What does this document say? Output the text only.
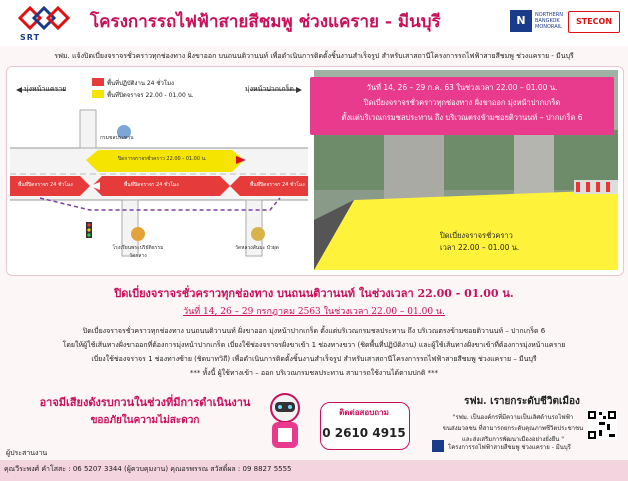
SRT
โครงการรถไฟฟ้าสายสีชมพู ช่วงแคราย - มีนบุรี	N	NORTHERN
BANGKOK
MONORAIL
STECON
รฟม. แจ้งปิดเบี่ยงจราจรชั่วคราวทุกช่องทาง ฝั่งขาออก บนถนนติวานนท์ เพื่อดำเนินการติดตั้งชิ้นงานสำเร็จรูป สำหรับเสาสถานีโครงการรถไฟฟ้าสายสีชมพู ช่วงแคราย - มีนบุรี
พื้นที่ปฏิบัติงาน 24 ชั่วโมง
พื้นที่ปิดจราจร 22.00 - 01.00 น.
มุ่งหน้าแคราย	มุ่งหน้าปากเกร็ด
ปิดการจราจรชั่วคราว 22.00 - 01.00 น.
พื้นที่ปิดจราจร 24 ชั่วโมง	พื้นที่ปิดจราจร 24 ชั่วโมง	พื้นที่ปิดจราจร 24 ชั่วโมง
กรมชลประทาน
โรงเรียนพระปริยัติธรรม วัดกลาง
วัดหลวงสันมะ บัวผุด
วันที่ 14, 26 – 29 ก.ค. 63 ในช่วงเวลา 22.00 – 01.00 น.
ปิดเบี่ยงจราจรชั่วคราวทุกช่องทาง ฝั่งขาออก มุ่งหน้าปากเกร็ด
ตั้งแต่บริเวณกรมชลประทาน ถึง บริเวณตรงข้ามซอยติวานนท์ – ปากเกร็ด 6
ปิดเบี่ยงจราจรชั่วคราว
เวลา 22.00 – 01.00 น.
ปิดเบี่ยงจราจรชั่วคราวทุกช่องทาง บนถนนติวานนท์ ในช่วงเวลา 22.00 - 01.00 น.
วันที่ 14, 26 – 29 กรกฎาคม 2563 ในช่วงเวลา 22.00 – 01.00 น.
ปิดเบี่ยงจราจรชั่วคราวทุกช่องทาง บนถนนติวานนท์ ฝั่งขาออก มุ่งหน้าปากเกร็ด ตั้งแต่บริเวณกรมชลประทาน ถึง บริเวณตรงข้ามซอยติวานนท์ – ปากเกร็ด 6
โดยให้ผู้ใช้เส้นทางฝั่งขาออกที่ต้องการมุ่งหน้าปากเกร็ด เบี่ยงใช้ช่องจราจรฝั่งขาเข้า 1 ช่องทางขวา (ชิดพื้นที่ปฏิบัติงาน) และผู้ใช้เส้นทางฝั่งขาเข้าที่ต้องการมุ่งหน้าแคราย
เบี่ยงใช้ช่องจราจร 1 ช่องทางซ้าย (ชิดบาทวิถี) เพื่อดำเนินการติดตั้งชิ้นงานสำเร็จรูป สำหรับเสาสถานีโครงการรถไฟฟ้าสายสีชมพู ช่วงแคราย – มีนบุรี
*** ทั้งนี้ ผู้ใช้ทางเข้า – ออก บริเวณกรมชลประทาน สามารถใช้งานได้ตามปกติ ***
อาจมีเสียงดังรบกวนในช่วงที่มีการดำเนินงาน
ขออภัยในความไม่สะดวก
ติดต่อสอบถาม
0 2610 4915
รฟม. เรายกระดับชีวิตเมือง
"รฟม. เป็นองค์กรที่มีความเป็นเลิศด้านรถไฟฟ้า
ขนส่งมวลชน ที่สามารถยกระดับคุณภาพชีวิตประชาชน
และส่งเสริมการพัฒนาเมืองอย่างยั่งยืน "
โครงการรถไฟฟ้าสายสีชมพู ช่วงแคราย - มีนบุรี
ผู้ประสานงาน
คุณวีระพงศ์ คำโสสะ : 06 5207 3344 (ผู้ควบคุมงาน) คุณอรพรรณ สวัสดิ์ผล : 09 8827 5555
